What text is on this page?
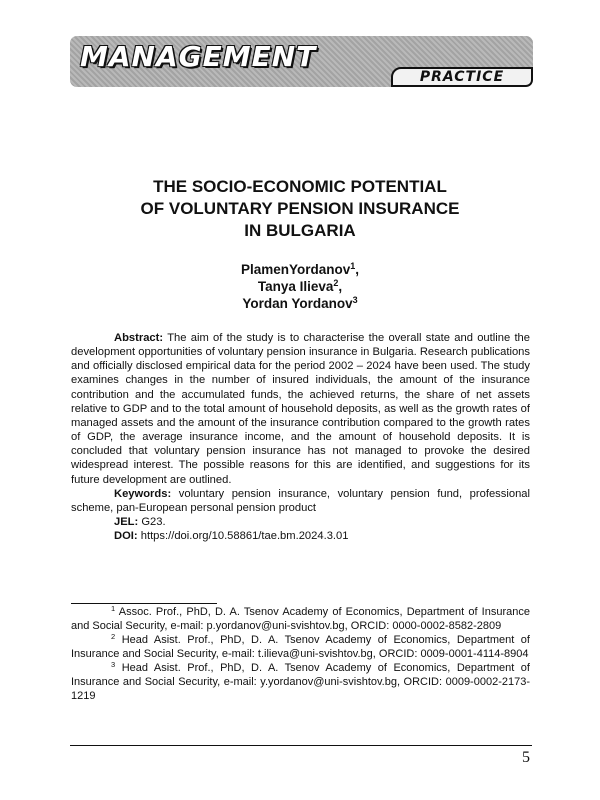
MANAGEMENT
PRACTICE
THE SOCIO-ECONOMIC POTENTIAL
OF VOLUNTARY PENSION INSURANCE
IN BULGARIA
PlamenYordanov$^1$,
Tanya Ilieva$^2$,
Yordan Yordanov$^3$
Abstract: The aim of the study is to characterise the overall state and outline the development opportunities of voluntary pension insurance in Bulgaria. Research publications and officially disclosed empirical data for the period 2002 – 2024 have been used. The study examines changes in the number of insured individuals, the amount of the insurance contribution and the accumulated funds, the achieved returns, the share of net assets relative to GDP and to the total amount of household deposits, as well as the growth rates of managed assets and the amount of the insurance contribution compared to the growth rates of GDP, the average insurance income, and the amount of household deposits. It is concluded that voluntary pension insurance has not managed to provoke the desired widespread interest. The possible reasons for this are identified, and suggestions for its future development are outlined.
Keywords: voluntary pension insurance, voluntary pension fund, professional scheme, pan-European personal pension product
JEL: G23.
DOI: https://doi.org/10.58861/tae.bm.2024.3.01
$^1$ Assoc. Prof., PhD, D. A. Tsenov Academy of Economics, Department of Insurance and Social Security, e-mail: p.yordanov@uni-svishtov.bg, ORCID: 0000-0002-8582-2809
$^2$ Head Asist. Prof., PhD, D. A. Tsenov Academy of Economics, Department of Insurance and Social Security, e-mail: t.ilieva@uni-svishtov.bg, ORCID: 0009-0001-4114-8904
$^3$ Head Asist. Prof., PhD, D. A. Tsenov Academy of Economics, Department of Insurance and Social Security, e-mail: y.yordanov@uni-svishtov.bg, ORCID: 0009-0002-2173-1219
5
